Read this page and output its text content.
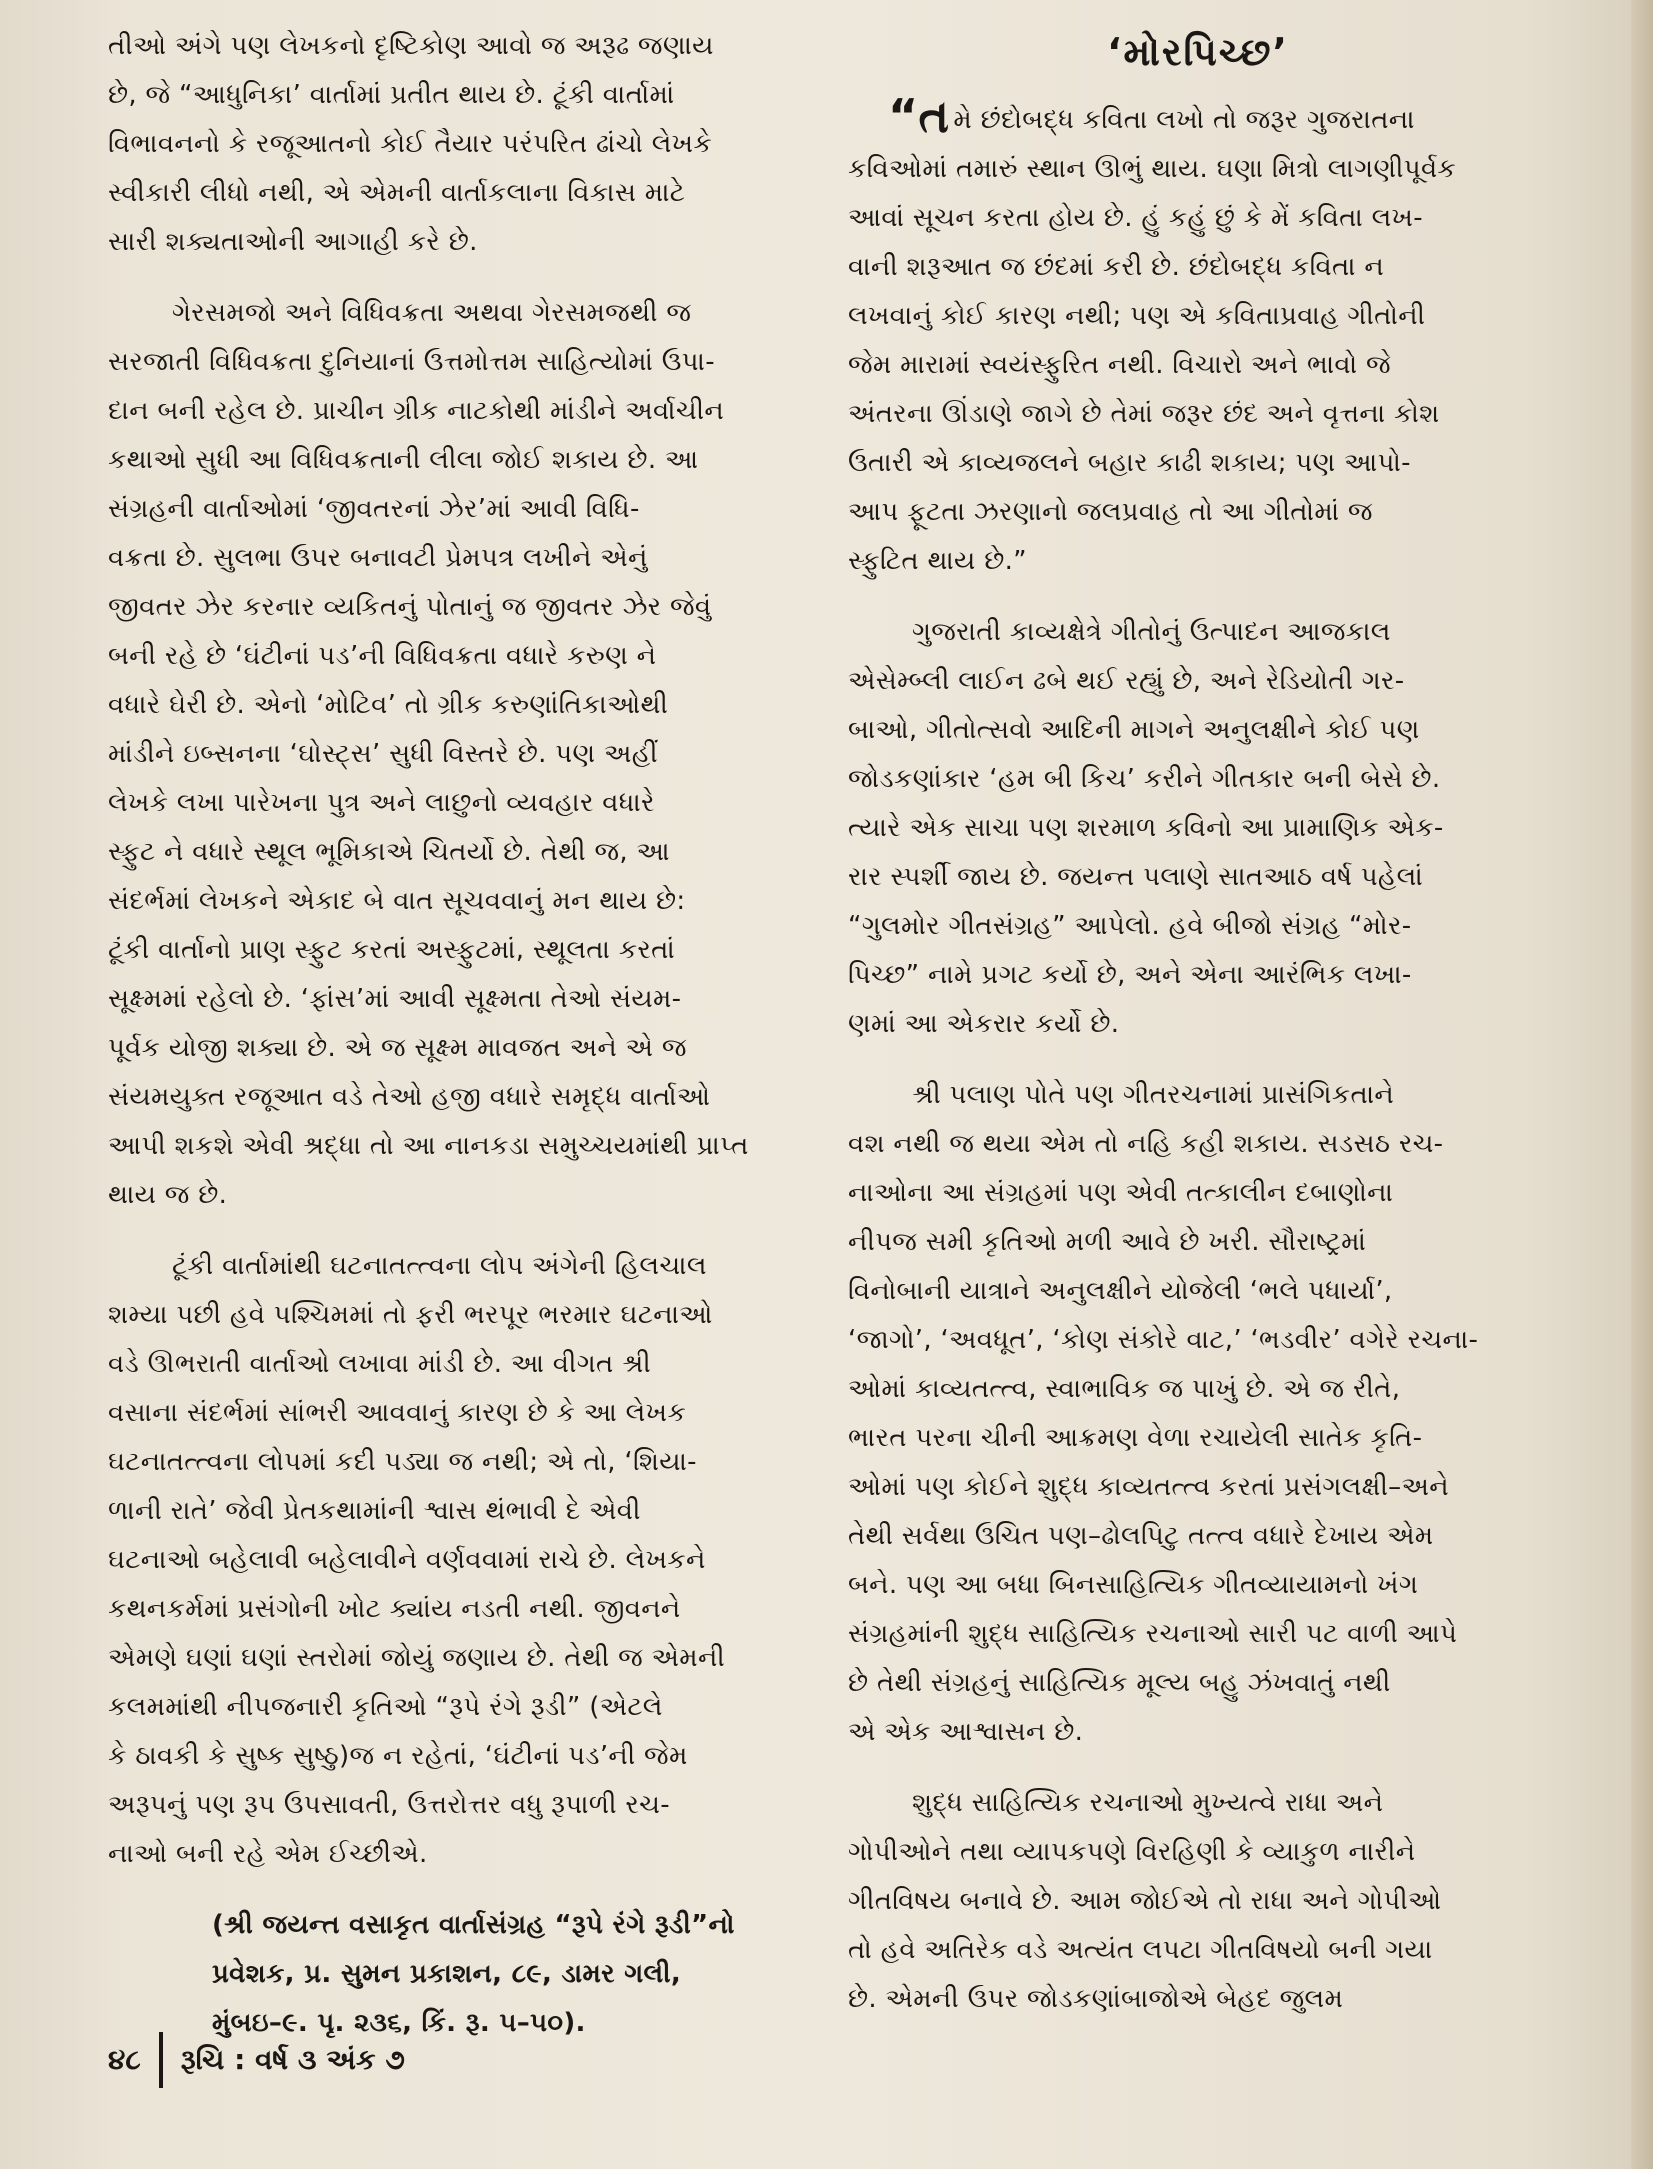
તીઓ અંગે પણ લેખકનો દૃષ્ટિકોણ આવો જ અરૂઢ જણાય
છે, જે “આધુનિકા’ વાર્તામાં પ્રતીત થાય છે. ટૂંકી વાર્તામાં
વિભાવનનો કે રજૂઆતનો કોઈ તૈયાર પરંપરિત ઢાંચો લેખકે
સ્વીકારી લીધો નથી, એ એમની વાર્તાકલાના વિકાસ માટે
સારી શક્યતાઓની આગાહી કરે છે.
ગેરસમજો અને વિધિવક્રતા અથવા ગેરસમજથી જ
સરજાતી વિધિવક્રતા દુનિયાનાં ઉત્તમોત્તમ સાહિત્યોમાં ઉપા-
દાન બની રહેલ છે. પ્રાચીન ગ્રીક નાટકોથી માંડીને અર્વાચીન
કથાઓ સુધી આ વિધિવક્રતાની લીલા જોઈ શકાય છે. આ
સંગ્રહની વાર્તાઓમાં ‘જીવતરનાં ઝેર’માં આવી વિધિ-
વક્રતા છે. સુલભા ઉપર બનાવટી પ્રેમપત્ર લખીને એનું
જીવતર ઝેર કરનાર વ્યકિતનું પોતાનું જ જીવતર ઝેર જેવું
બની રહે છે ‘ઘંટીનાં પડ’ની વિધિવક્રતા વધારે કરુણ ને
વધારે ઘેરી છે. એનો ‘મોટિવ’ તો ગ્રીક કરુણાંતિકાઓથી
માંડીને ઇબ્સનના ‘ઘોસ્ટ્સ’ સુધી વિસ્તરે છે. પણ અહીં
લેખકે લખા પારેખના પુત્ર અને લાછુનો વ્યવહાર વધારે
સ્ફુટ ને વધારે સ્થૂલ ભૂમિકાએ ચિતર્યો છે. તેથી જ, આ
સંદર્ભમાં લેખકને એકાદ બે વાત સૂચવવાનું મન થાય છે:
ટૂંકી વાર્તાનો પ્રાણ સ્ફુટ કરતાં અસ્ફુટમાં, સ્થૂલતા કરતાં
સૂક્ષ્મમાં રહેલો છે. ‘ફાંસ’માં આવી સૂક્ષ્મતા તેઓ સંયમ-
પૂર્વક યોજી શક્યા છે. એ જ સૂક્ષ્મ માવજત અને એ જ
સંયમયુક્ત રજૂઆત વડે તેઓ હજી વધારે સમૃદ્ધ વાર્તાઓ
આપી શકશે એવી શ્રદ્ધા તો આ નાનકડા સમુચ્ચયમાંથી પ્રાપ્ત
થાય જ છે.
ટૂંકી વાર્તામાંથી ઘટનાતત્ત્વના લોપ અંગેની હિલચાલ
શમ્યા પછી હવે પશ્ચિમમાં તો ફરી ભરપૂર ભરમાર ઘટનાઓ
વડે ઊભરાતી વાર્તાઓ લખાવા માંડી છે. આ વીગત શ્રી
વસાના સંદર્ભમાં સાંભરી આવવાનું કારણ છે કે આ લેખક
ઘટનાતત્ત્વના લોપમાં કદી પડ્યા જ નથી; એ તો, ‘શિયા-
ળાની રાતે’ જેવી પ્રેતકથામાંની શ્વાસ થંભાવી દે એવી
ઘટનાઓ બહેલાવી બહેલાવીને વર્ણવવામાં રાચે છે. લેખકને
કથનકર્મમાં પ્રસંગોની ખોટ ક્યાંય નડતી નથી. જીવનને
એમણે ઘણાં ઘણાં સ્તરોમાં જોયું જણાય છે. તેથી જ એમની
કલમમાંથી નીપજનારી કૃતિઓ “રૂપે રંગે રૂડી” (એટલે
કે ઠાવકી કે સુષ્ક સુષ્ઠુ)જ ન રહેતાં, ‘ઘંટીનાં પડ’ની જેમ
અરૂપનું પણ રૂપ ઉપસાવતી, ઉત્તરોત્તર વધુ રૂપાળી રચ-
નાઓ બની રહે એમ ઈચ્છીએ.
(શ્રી જયન્ત વસાકૃત વાર્તાસંગ્રહ “રૂપે રંગે રૂડી”નો
પ્રવેશક, પ્ર. સુમન પ્રકાશન, ૮૯, ડામર ગલી,
મુંબઇ–૯. પૃ. ૨૩૬, કિં. રૂ. ૫–૫૦).
‘મોરપિચ્છ’
“તમે છંદોબદ્ધ કવિતા લખો તો જરૂર ગુજરાતના
કવિઓમાં તમારું સ્થાન ઊભું થાય. ઘણા મિત્રો લાગણીપૂર્વક
આવાં સૂચન કરતા હોય છે. હું કહું છું કે મેં કવિતા લખ-
વાની શરૂઆત જ છંદમાં કરી છે. છંદોબદ્ધ કવિતા ન
લખવાનું કોઈ કારણ નથી; પણ એ કવિતાપ્રવાહ ગીતોની
જેમ મારામાં સ્વયંસ્ફુરિત નથી. વિચારો અને ભાવો જે
અંતરના ઊંડાણે જાગે છે તેમાં જરૂર છંદ અને વૃત્તના કોશ
ઉતારી એ કાવ્યજલને બહાર કાઢી શકાય; પણ આપો-
આપ ફૂટતા ઝરણાનો જલપ્રવાહ તો આ ગીતોમાં જ
સ્ફુટિત થાય છે.”
ગુજરાતી કાવ્યક્ષેત્રે ગીતોનું ઉત્પાદન આજકાલ
એસેમ્બ્લી લાઈન ઢબે થઈ રહ્યું છે, અને રેડિયોતી ગર-
બાઓ, ગીતોત્સવો આદિની માગને અનુલક્ષીને કોઈ પણ
જોડકણાંકાર ‘હમ બી કિચ’ કરીને ગીતકાર બની બેસે છે.
ત્યારે એક સાચા પણ શરમાળ કવિનો આ પ્રામાણિક એક-
રાર સ્પર્શી જાય છે. જયન્ત પલાણે સાતઆઠ વર્ષ પહેલાં
“ગુલમોર ગીતસંગ્રહ” આપેલો. હવે બીજો સંગ્રહ “મોર-
પિચ્છ” નામે પ્રગટ કર્યો છે, અને એના આરંભિક લખા-
ણમાં આ એકરાર કર્યો છે.
શ્રી પલાણ પોતે પણ ગીતરચનામાં પ્રાસંગિકતાને
વશ નથી જ થયા એમ તો નહિ કહી શકાય. સડસઠ રચ-
નાઓના આ સંગ્રહમાં પણ એવી તત્કાલીન દબાણોના
નીપજ સમી કૃતિઓ મળી આવે છે ખરી. સૌરાષ્ટ્રમાં
વિનોબાની યાત્રાને અનુલક્ષીને યોજેલી ‘ભલે પધાર્યા’,
‘જાગો’, ‘અવધૂત’, ‘કોણ સંકોરે વાટ,’ ‘ભડવીર’ વગેરે રચના-
ઓમાં કાવ્યતત્ત્વ, સ્વાભાવિક જ પાખું છે. એ જ રીતે,
ભારત પરના ચીની આક્રમણ વેળા રચાયેલી સાતેક કૃતિ-
ઓમાં પણ કોઈને શુદ્ધ કાવ્યતત્ત્વ કરતાં પ્રસંગલક્ષી–અને
તેથી સર્વથા ઉચિત પણ–ઢોલપિટુ તત્ત્વ વધારે દેખાય એમ
બને. પણ આ બધા બિનસાહિત્યિક ગીતવ્યાયામનો ખંગ
સંગ્રહમાંની શુદ્ધ સાહિત્યિક રચનાઓ સારી પટ વાળી આપે
છે તેથી સંગ્રહનું સાહિત્યિક મૂલ્ય બહુ ઝંખવાતું નથી
એ એક આશ્વાસન છે.
શુદ્ધ સાહિત્યિક રચનાઓ મુખ્યત્વે રાધા અને
ગોપીઓને તથા વ્યાપકપણે વિરહિણી કે વ્યાકુળ નારીને
ગીતવિષય બનાવે છે. આમ જોઈએ તો રાધા અને ગોપીઓ
તો હવે અતિરેક વડે અત્યંત લપટા ગીતવિષયો બની ગયા
છે. એમની ઉપર જોડકણાંબાજોએ બેહદ જુલમ
૪૮ રૂચિ : વર્ષ ૩ અંક ૭
